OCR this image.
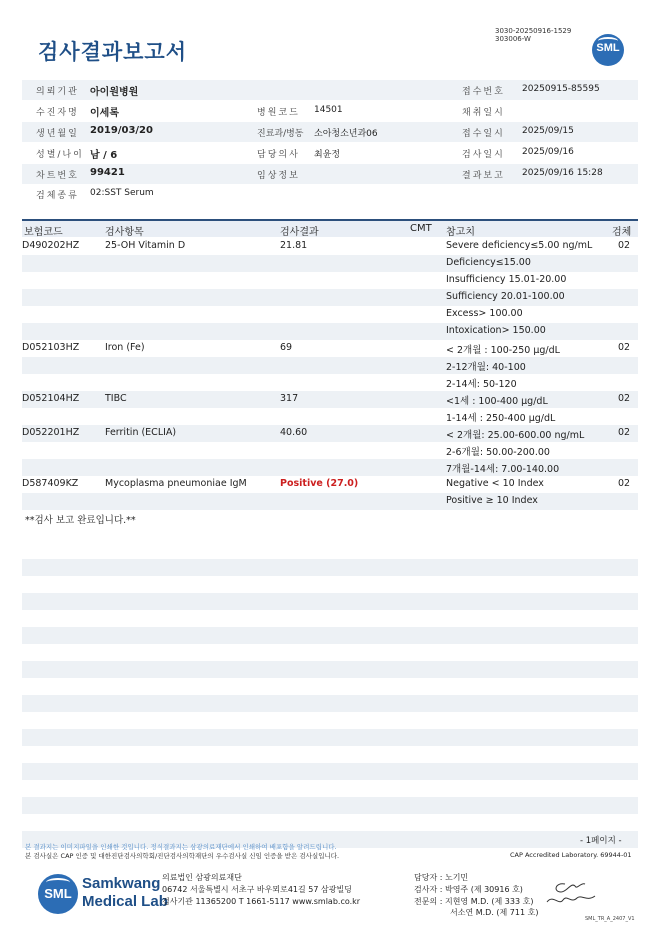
검사결과보고서
3030-20250916-1529
303006-W
SML
의뢰기관 아이원병원	접수번호 20250915-85595
수진자명 이세록	병원코드 14501	채취일시
생년월일 2019/03/20	진료과/병동 소아청소년과06	접수일시 2025/09/15
성별/나이 남 / 6	담당의사 최윤정	검사일시 2025/09/16
차트번호 99421	임상정보	결과보고 2025/09/16 15:28
검체종류 02:SST Serum
보험코드	검사항목	검사결과	CMT 참고치	검체
D490202HZ	25-OH Vitamin D	21.81	Severe deficiency≤5.00 ng/mL	02
Deficiency≤15.00
Insufficiency 15.01-20.00
Sufficiency 20.01-100.00
Excess> 100.00
Intoxication> 150.00
D052103HZ	Iron (Fe)	69	< 2개월 : 100-250 µg/dL	02
2-12개월: 40-100
2-14세: 50-120
D052104HZ	TIBC	317	<1세 : 100-400 µg/dL	02
1-14세 : 250-400 µg/dL
D052201HZ	Ferritin (ECLIA)	40.60	< 2개월: 25.00-600.00 ng/mL	02
2-6개월: 50.00-200.00
7개월-14세: 7.00-140.00
D587409KZ	Mycoplasma pneumoniae IgM	Positive (27.0)	Negative < 10 Index	02
Positive ≥ 10 Index
**검사 보고 완료입니다.**
- 1페이지 -
본 결과지는 이미지파일을 인쇄한 것입니다. 정식결과지는 삼광의료재단에서 인쇄하여 배포함을 알려드립니다.
본 검사실은 CAP 인증 및 대한진단검사의학회/진단검사의학재단의 우수검사실 신임 인증을 받은 검사실입니다.	CAP Accredited Laboratory. 69944-01
SML
Samkwang
Medical Lab
의료법인 삼광의료재단
06742 서울특별시 서초구 바우뫼로41길 57 삼광빌딩
검사기관 11365200 T 1661-5117 www.smlab.co.kr
담당자 : 노기민
검사자 : 박영주 (제 30916 호)
전문의 : 지현영 M.D. (제 333 호)
서소연 M.D. (제 711 호)
SML_TR_A_2407_V1
